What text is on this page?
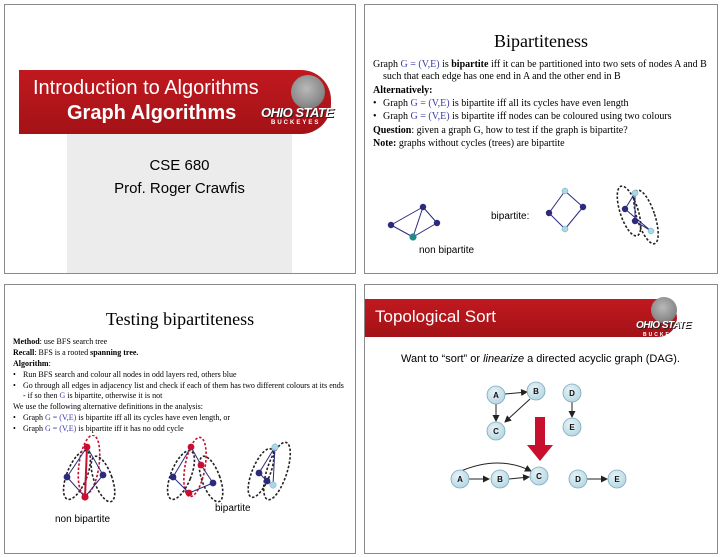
Introduction to Algorithms
Graph Algorithms OHIO STATE
BUCKEYES
CSE 680
Prof. Roger Crawfis
Bipartiteness

Graph G = (V,E) is bipartite iff it can be partitioned into two sets of nodes A and B such that each edge has one end in A and the other end in B

Alternatively:

• Graph G = (V,E) is bipartite iff all its cycles have even length

• Graph G = (V,E) is bipartite iff nodes can be coloured using two colours

Question: given a graph G, how to test if the graph is bipartite?

Note: graphs without cycles (trees) are bipartite

bipartite:
non bipartite
Testing bipartiteness

Method: use BFS search tree

Recall: BFS is a rooted spanning tree.

Algorithm:

• Run BFS search and colour all nodes in odd layers red, others blue

• Go through all edges in adjacency list and check if each of them has two different colours at its ends - if so then G is bipartite, otherwise it is not

We use the following alternative definitions in the analysis:

• Graph G = (V,E) is bipartite iff all its cycles have even length, or

• Graph G = (V,E) is bipartite iff it has no odd cycle

bipartite
non bipartite
Topological Sort	OHIO STATE
BUCKEYES
Want to “sort” or linearize a directed acyclic graph (DAG).
A	B	D
C	E
A	B	C	D	E
